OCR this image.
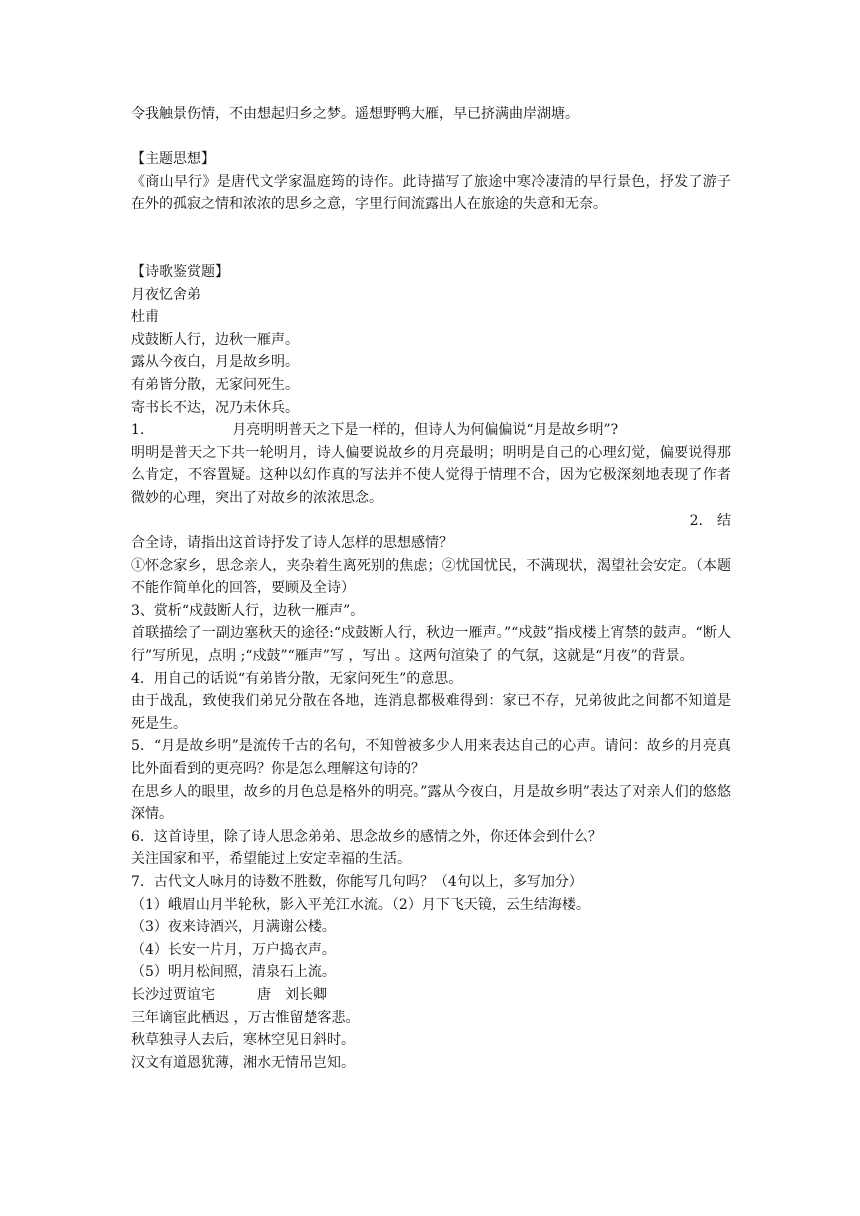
令我触景伤情，不由想起归乡之梦。遥想野鸭大雁，早已挤满曲岸湖塘。

【主题思想】

《商山早行》是唐代文学家温庭筠的诗作。此诗描写了旅途中寒冷凄清的早行景色，抒发了游子在外的孤寂之情和浓浓的思乡之意，字里行间流露出人在旅途的失意和无奈。

【诗歌鉴赏题】

月夜忆舍弟

杜甫

戍鼓断人行，边秋一雁声。

露从今夜白，月是故乡明。

有弟皆分散，无家问死生。

寄书长不达，况乃未休兵。

1.	月亮明明普天之下是一样的，但诗人为何偏偏说“月是故乡明”?

明明是普天之下共一轮明月，诗人偏要说故乡的月亮最明；明明是自己的心理幻觉，偏要说得那么肯定，不容置疑。这种以幻作真的写法并不使人觉得于情理不合，因为它极深刻地表现了作者微妙的心理，突出了对故乡的浓浓思念。

2.　结

合全诗，请指出这首诗抒发了诗人怎样的思想感情？

①怀念家乡，思念亲人，夹杂着生离死别的焦虑；②忧国忧民，不满现状，渴望社会安定。（本题不能作简单化的回答，要顾及全诗）

3、赏析“戍鼓断人行，边秋一雁声”。

首联描绘了一副边塞秋天的途径:“戍鼓断人行，秋边一雁声。”“戍鼓”指戍楼上宵禁的鼓声。“断人行”写所见，点明 ;“戍鼓”“雁声”写 ，写出 。这两句渲染了 的气氛，这就是“月夜”的背景。

4．用自己的话说“有弟皆分散，无家问死生”的意思。

由于战乱，致使我们弟兄分散在各地，连消息都极难得到：家已不存，兄弟彼此之间都不知道是死是生。

5．“月是故乡明”是流传千古的名句，不知曾被多少人用来表达自己的心声。请问：故乡的月亮真比外面看到的更亮吗？你是怎么理解这句诗的？

在思乡人的眼里，故乡的月色总是格外的明亮。”露从今夜白，月是故乡明”表达了对亲人们的悠悠深情。

6．这首诗里，除了诗人思念弟弟、思念故乡的感情之外，你还体会到什么？

关注国家和平，希望能过上安定幸福的生活。

7．古代文人咏月的诗数不胜数，你能写几句吗？（4句以上，多写加分）

（1）峨眉山月半轮秋，影入平羌江水流。（2）月下飞天镜，云生结海楼。

（3）夜来诗酒兴，月满谢公楼。

（4）长安一片月，万户捣衣声。

（5）明月松间照，清泉石上流。

长沙过贾谊宅　　　唐　刘长卿

三年谪宦此栖迟 ，万古惟留楚客悲。

秋草独寻人去后，寒林空见日斜时。

汉文有道恩犹薄，湘水无情吊岂知。
